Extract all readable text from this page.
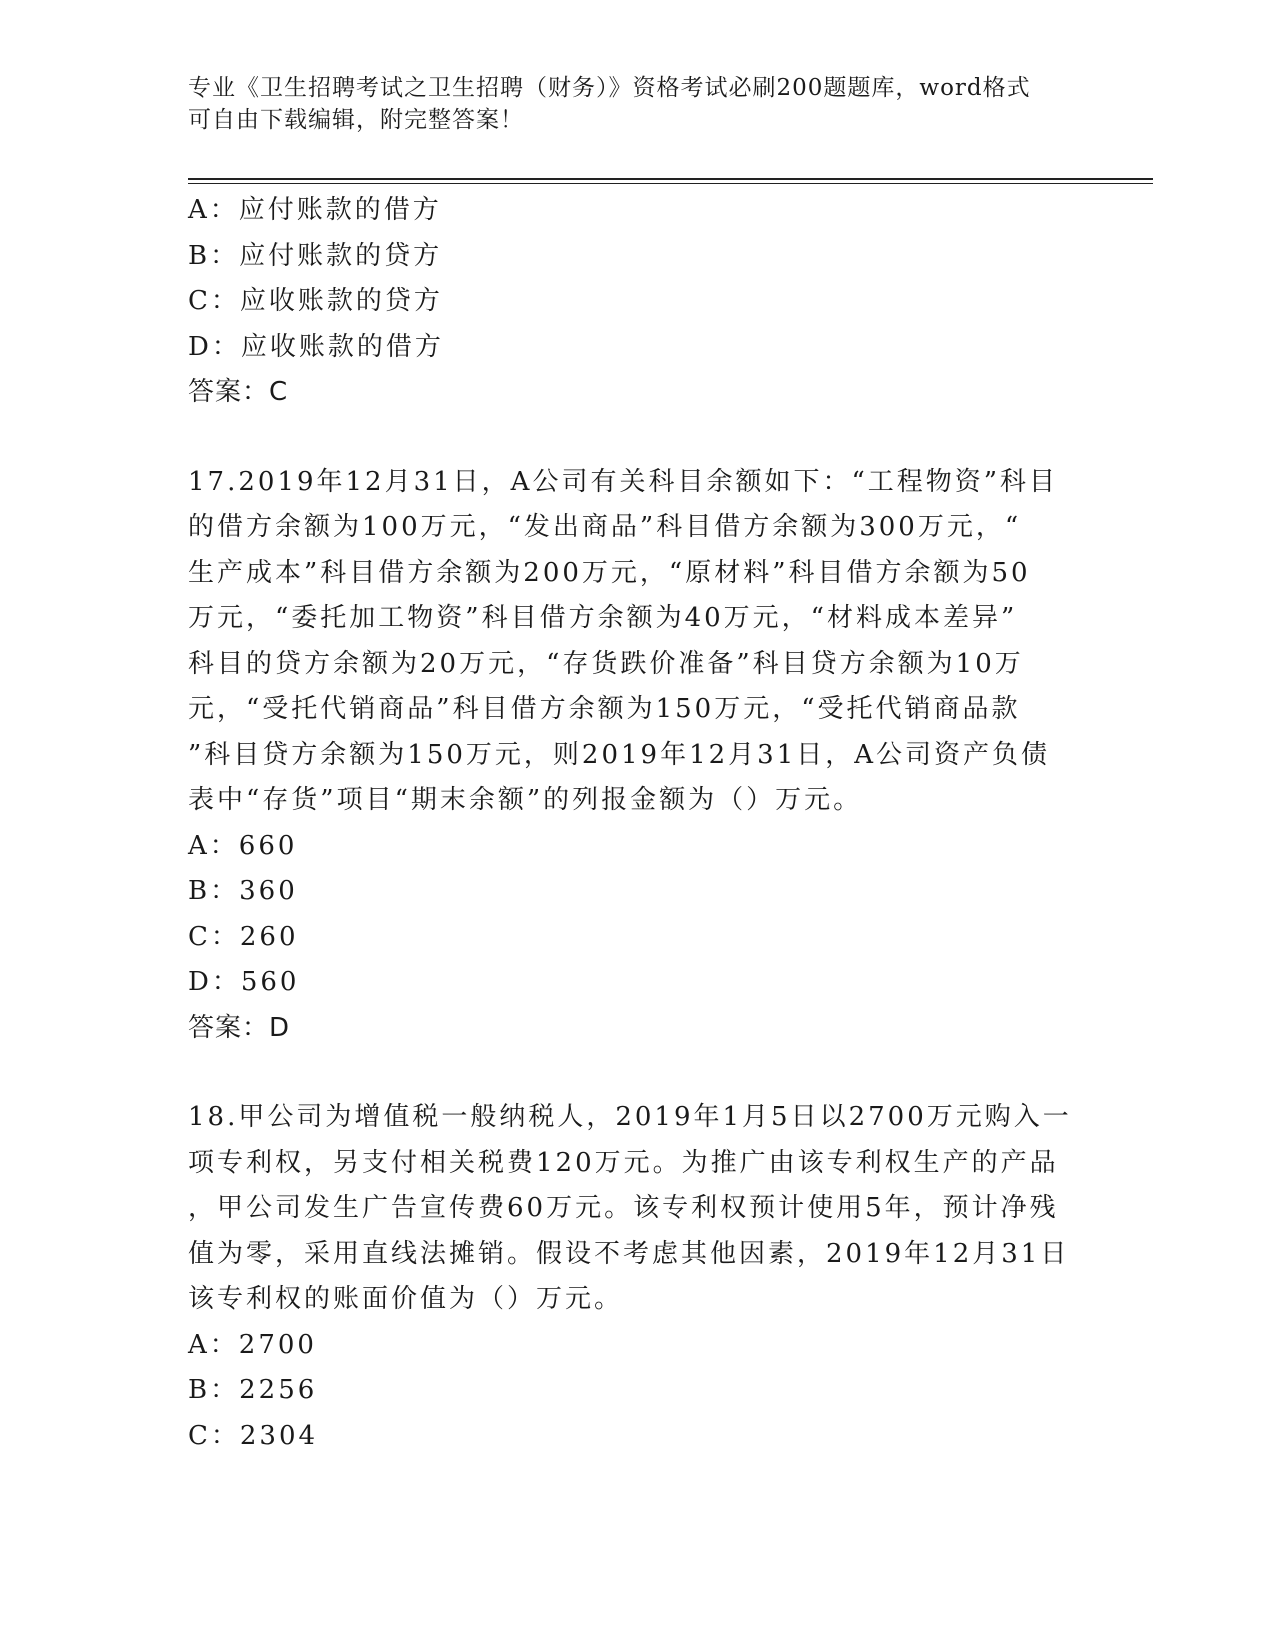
专业《卫生招聘考试之卫生招聘（财务）》资格考试必刷200题题库，word格式
可自由下载编辑，附完整答案！
A：应付账款的借方
B：应付账款的贷方
C：应收账款的贷方
D：应收账款的借方
答案：C
17.2019年12月31日，A公司有关科目余额如下：“工程物资”科目
的借方余额为100万元，“发出商品”科目借方余额为300万元，“
生产成本”科目借方余额为200万元，“原材料”科目借方余额为50
万元，“委托加工物资”科目借方余额为40万元，“材料成本差异”
科目的贷方余额为20万元，“存货跌价准备”科目贷方余额为10万
元，“受托代销商品”科目借方余额为150万元，“受托代销商品款
”科目贷方余额为150万元，则2019年12月31日，A公司资产负债
表中“存货”项目“期末余额”的列报金额为（）万元。
A：660
B：360
C：260
D：560
答案：D
18.甲公司为增值税一般纳税人，2019年1月5日以2700万元购入一
项专利权，另支付相关税费120万元。为推广由该专利权生产的产品
，甲公司发生广告宣传费60万元。该专利权预计使用5年，预计净残
值为零，采用直线法摊销。假设不考虑其他因素，2019年12月31日
该专利权的账面价值为（）万元。
A：2700
B：2256
C：2304
